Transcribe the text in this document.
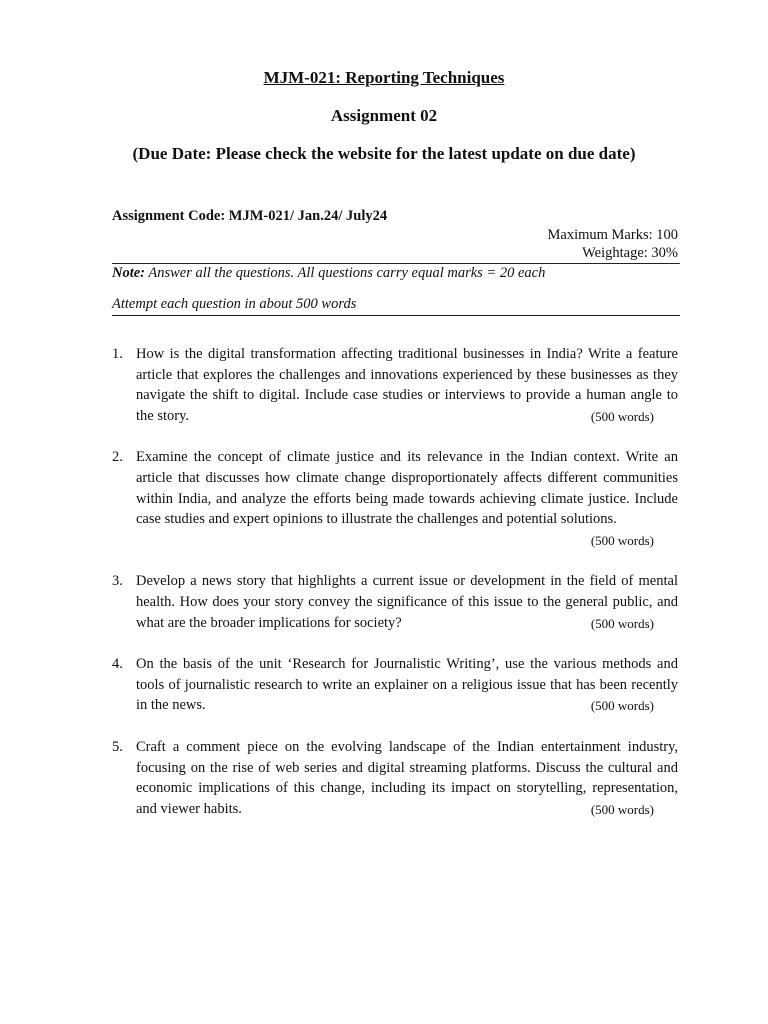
MJM-021: Reporting Techniques
Assignment 02
(Due Date: Please check the website for the latest update on due date)
Assignment Code: MJM-021/ Jan.24/ July24
Maximum Marks: 100
Weightage: 30%
Note: Answer all the questions. All questions carry equal marks = 20 each
Attempt each question in about 500 words
1. How is the digital transformation affecting traditional businesses in India? Write a feature article that explores the challenges and innovations experienced by these businesses as they navigate the shift to digital. Include case studies or interviews to provide a human angle to the story.	(500 words)
2. Examine the concept of climate justice and its relevance in the Indian context. Write an article that discusses how climate change disproportionately affects different communities within India, and analyze the efforts being made towards achieving climate justice. Include case studies and expert opinions to illustrate the challenges and potential solutions.
(500 words)
3. Develop a news story that highlights a current issue or development in the field of mental health. How does your story convey the significance of this issue to the general public, and what are the broader implications for society?	(500 words)
4. On the basis of the unit ‘Research for Journalistic Writing’, use the various methods and tools of journalistic research to write an explainer on a religious issue that has been recently in the news.	(500 words)
5. Craft a comment piece on the evolving landscape of the Indian entertainment industry, focusing on the rise of web series and digital streaming platforms. Discuss the cultural and economic implications of this change, including its impact on storytelling, representation, and viewer habits.	(500 words)
